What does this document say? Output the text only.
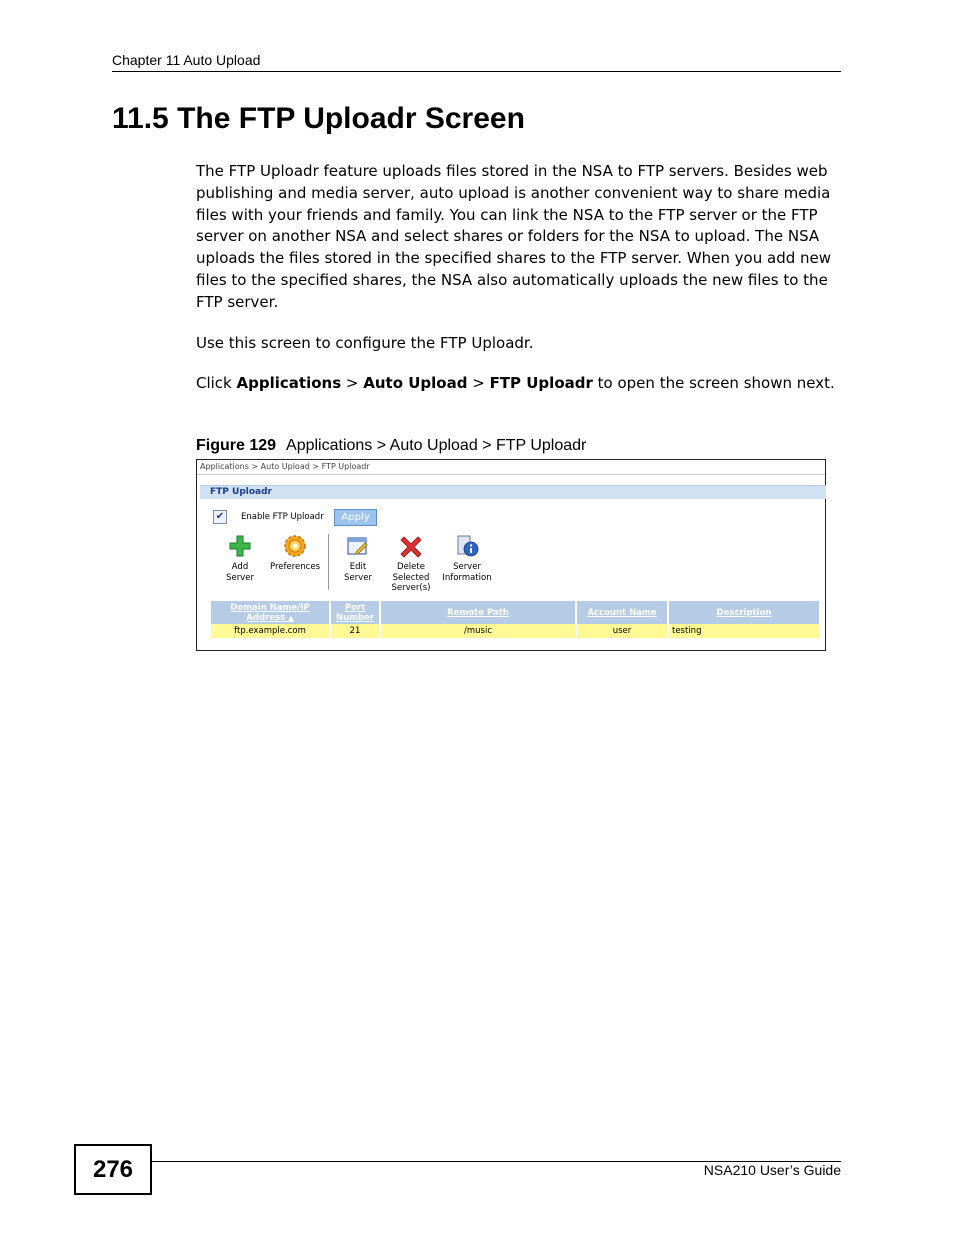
Chapter 11 Auto Upload
11.5 The FTP Uploadr Screen

The FTP Uploadr feature uploads files stored in the NSA to FTP servers. Besides web publishing and media server, auto upload is another convenient way to share media files with your friends and family. You can link the NSA to the FTP server or the FTP server on another NSA and select shares or folders for the NSA to upload. The NSA uploads the files stored in the specified shares to the FTP server. When you add new files to the specified shares, the NSA also automatically uploads the new files to the FTP server.

Use this screen to configure the FTP Uploadr.

Click Applications > Auto Upload > FTP Uploadr to open the screen shown next.

Figure 129 Applications > Auto Upload > FTP Uploadr
Applications > Auto Upload > FTP Uploadr
FTP Uploadr
✔	Enable FTP Uploadr	Apply
Add
Server
Preferences	Edit
Server
Delete
Selected
Server(s)
Server
Information
Domain Name/IP Address ▲	Port Number	Remote Path	Account Name	Description
ftp.example.com	21	/music	user	testing
276	NSA210 User’s Guide
